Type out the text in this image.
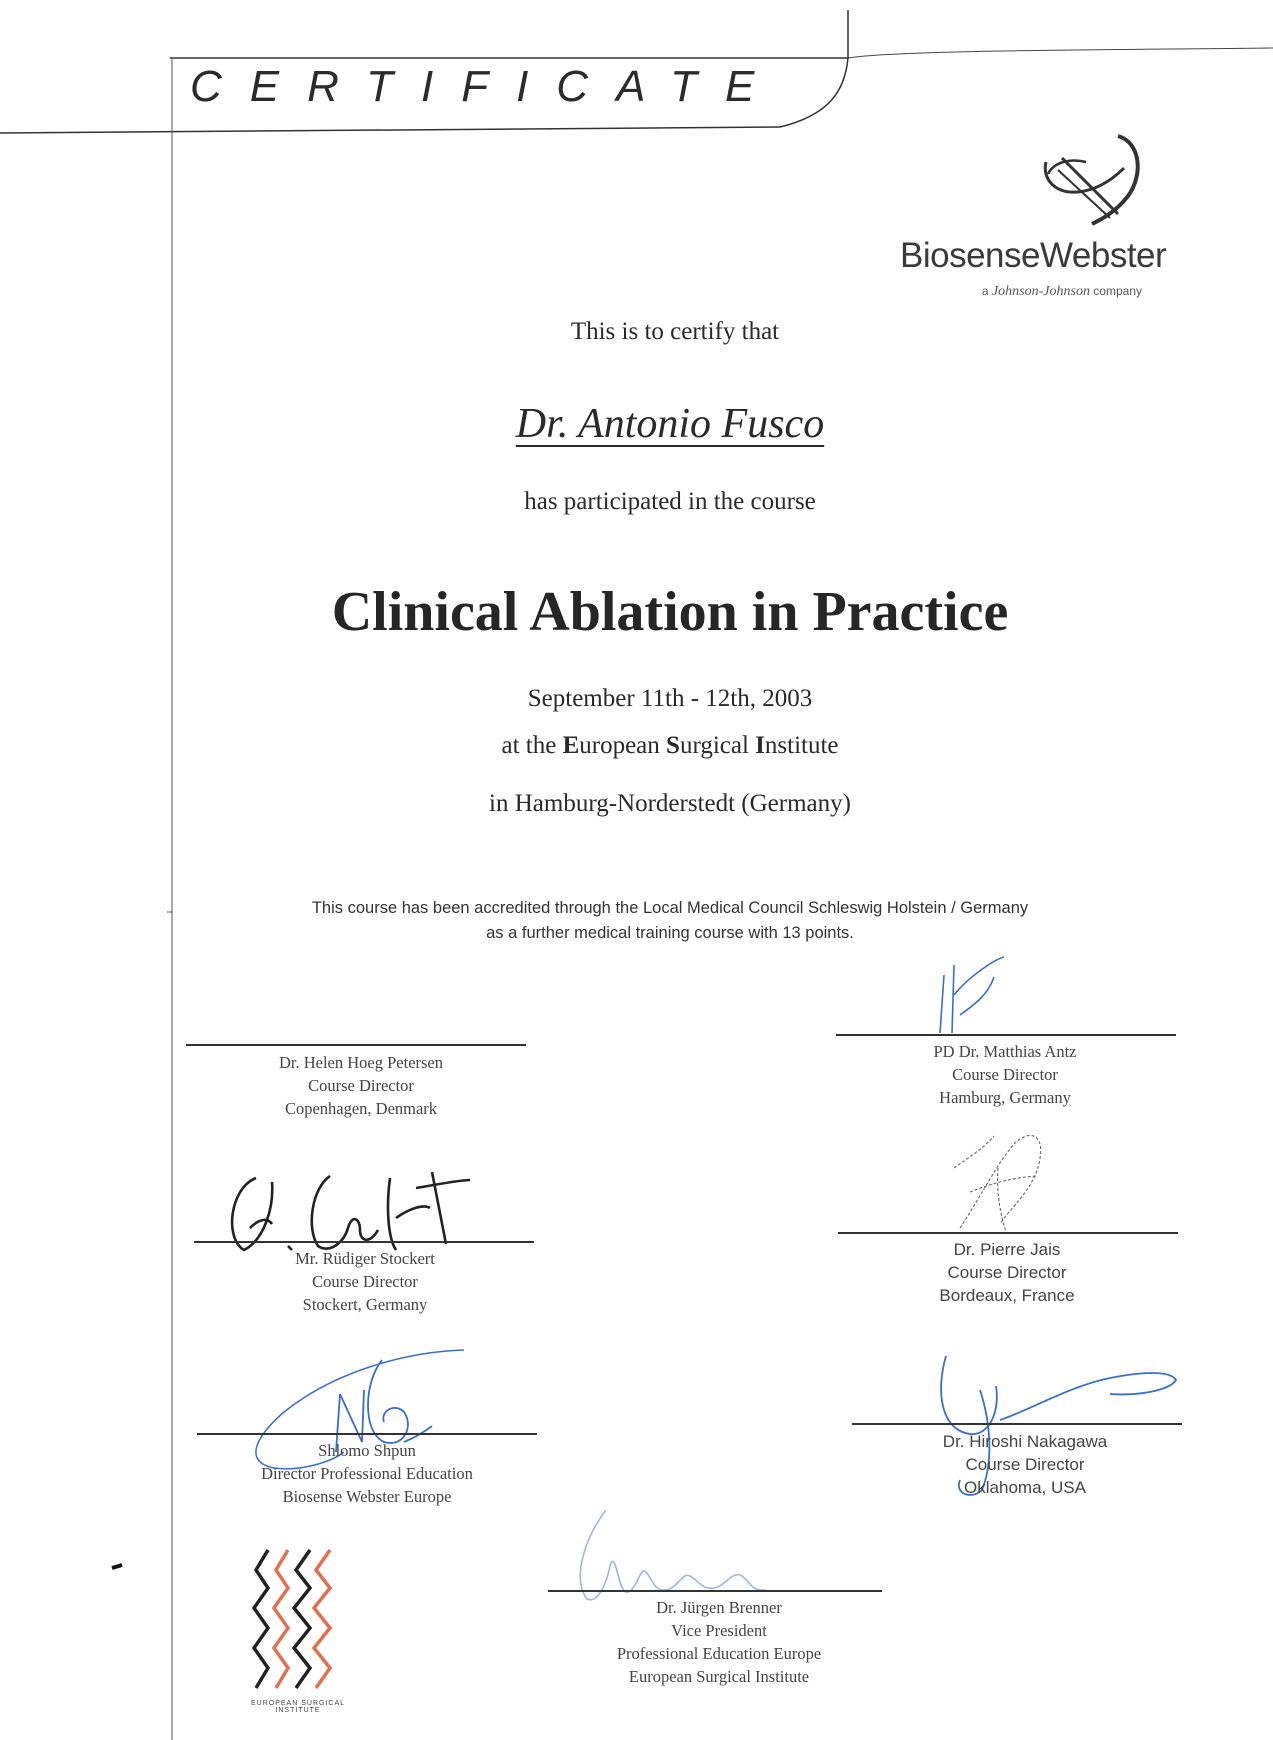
CERTIFICATE
BiosenseWebster
a Johnson-Johnson company
This is to certify that
Dr. Antonio Fusco
has participated in the course
Clinical Ablation in Practice
September 11th - 12th, 2003
at the European Surgical Institute
in Hamburg-Norderstedt (Germany)
This course has been accredited through the Local Medical Council Schleswig Holstein / Germany
as a further medical training course with 13 points.
Dr. Helen Hoeg Petersen
Course Director
Copenhagen, Denmark
PD Dr. Matthias Antz
Course Director
Hamburg, Germany
Mr. Rüdiger Stockert
Course Director
Stockert, Germany
Dr. Pierre Jais
Course Director
Bordeaux, France
Shlomo Shpun
Director Professional Education
Biosense Webster Europe
Dr. Hiroshi Nakagawa
Course Director
Oklahoma, USA
Dr. Jürgen Brenner
Vice President
Professional Education Europe
European Surgical Institute
EUROPEAN SURGICAL INSTITUTE
